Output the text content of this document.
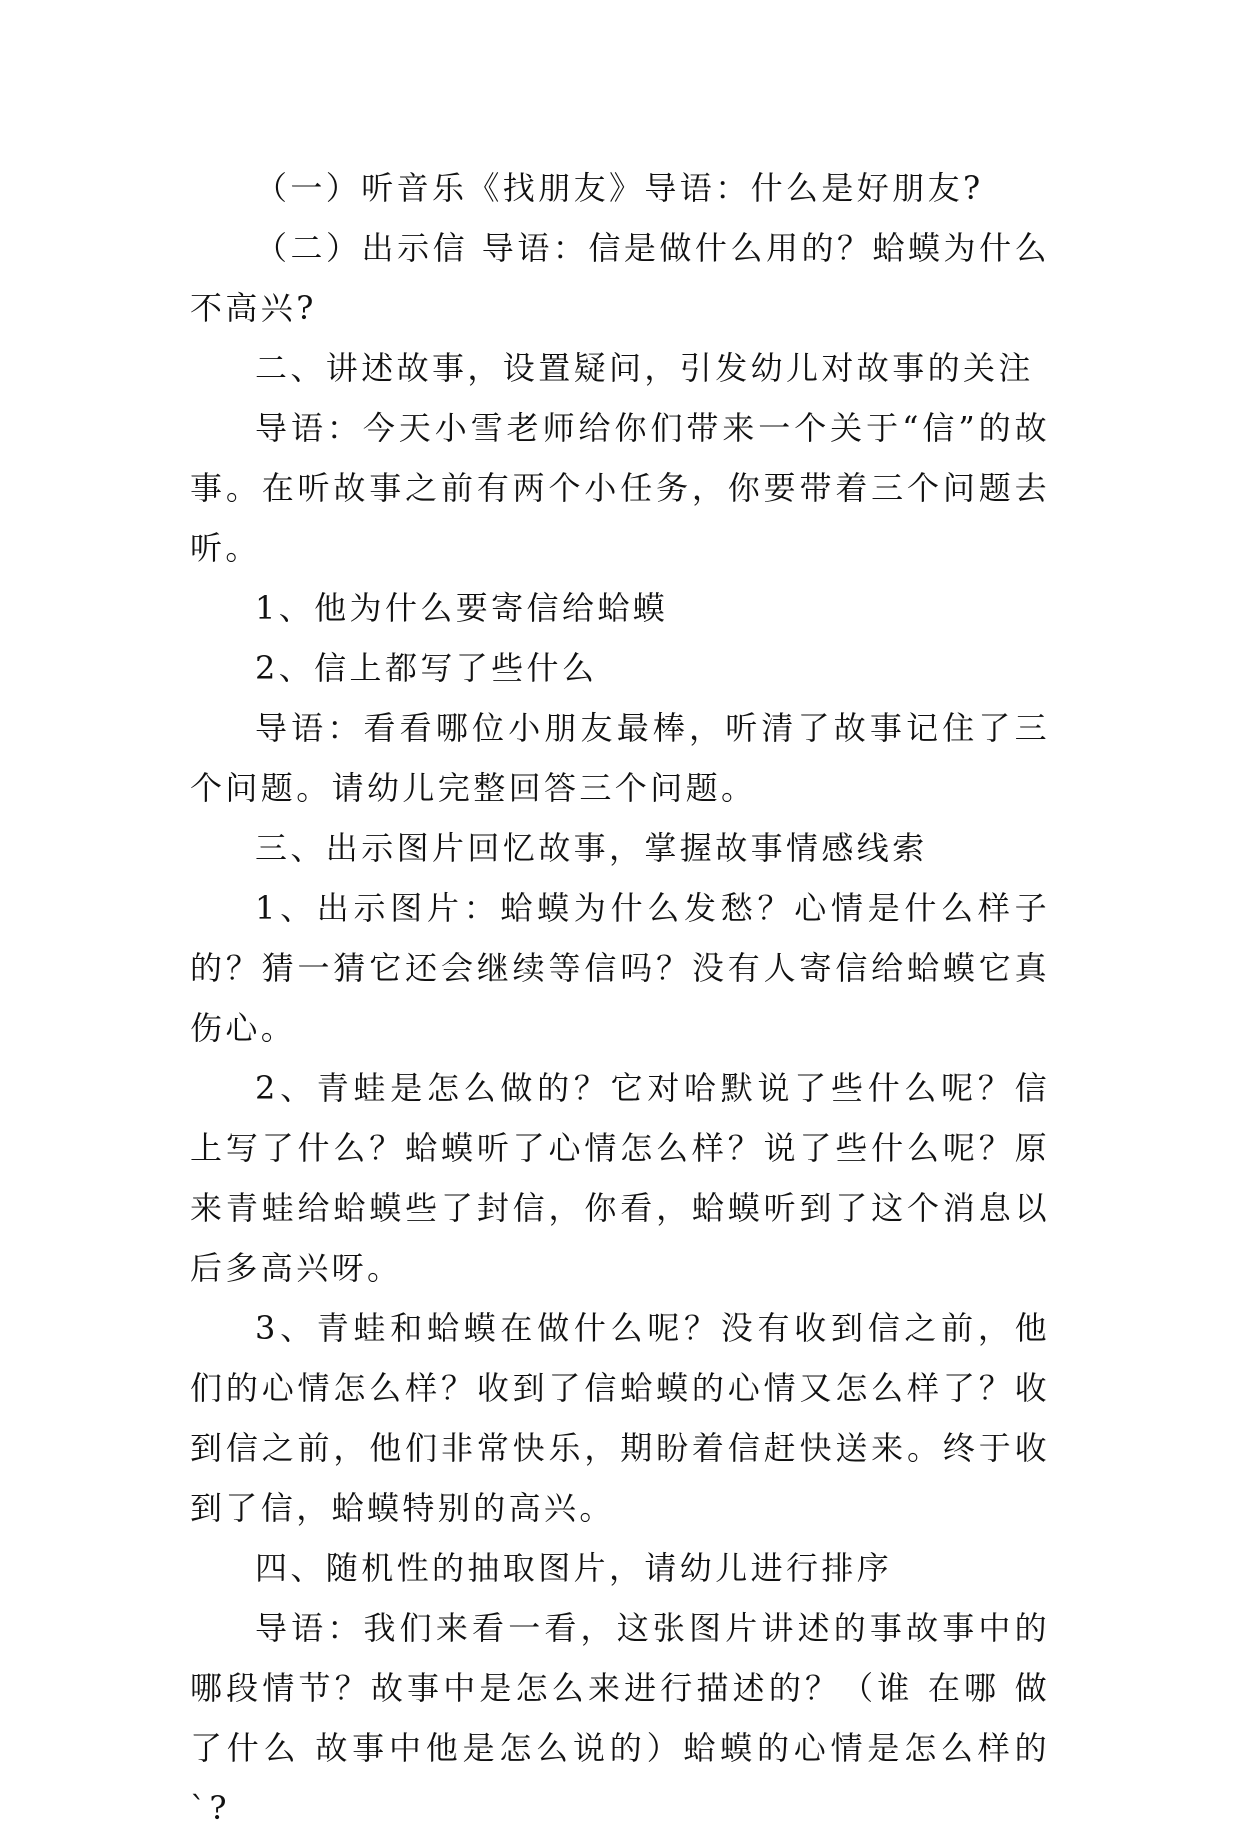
（一）听音乐《找朋友》导语：什么是好朋友?

（二）出示信 导语：信是做什么用的？蛤蟆为什么不高兴?

二、讲述故事，设置疑问，引发幼儿对故事的关注

导语：今天小雪老师给你们带来一个关于“信”的故事。在听故事之前有两个小任务，你要带着三个问题去听。

1、他为什么要寄信给蛤蟆

2、信上都写了些什么

导语：看看哪位小朋友最棒，听清了故事记住了三个问题。请幼儿完整回答三个问题。

三、出示图片回忆故事，掌握故事情感线索

1、出示图片：蛤蟆为什么发愁？心情是什么样子的？猜一猜它还会继续等信吗？没有人寄信给蛤蟆它真伤心。

2、青蛙是怎么做的？它对哈默说了些什么呢？信上写了什么？蛤蟆听了心情怎么样？说了些什么呢？原来青蛙给蛤蟆些了封信，你看，蛤蟆听到了这个消息以后多高兴呀。

3、青蛙和蛤蟆在做什么呢？没有收到信之前，他们的心情怎么样？收到了信蛤蟆的心情又怎么样了？收到信之前，他们非常快乐，期盼着信赶快送来。终于收到了信，蛤蟆特别的高兴。

四、随机性的抽取图片，请幼儿进行排序

导语：我们来看一看，这张图片讲述的事故事中的哪段情节？故事中是怎么来进行描述的？（谁 在哪 做了什么 故事中他是怎么说的）蛤蟆的心情是怎么样的`?
